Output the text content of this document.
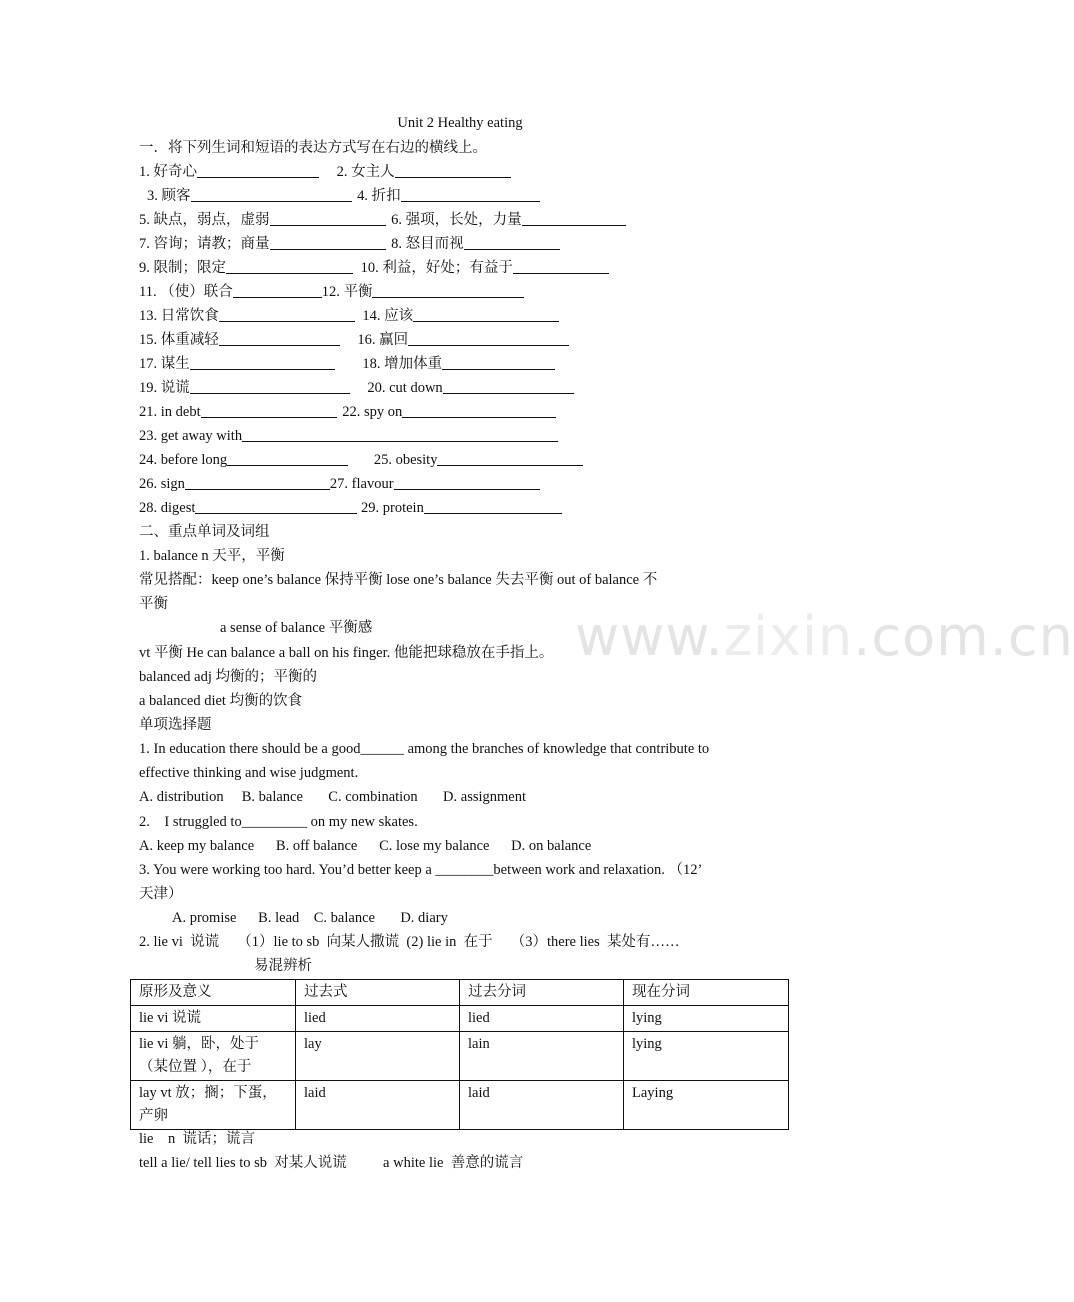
Unit 2 Healthy eating
一．将下列生词和短语的表达方式写在右边的横线上。
1. 好奇心	2. 女主人
3. 顾客	4. 折扣
5. 缺点，弱点，虚弱	6. 强项，长处，力量
7. 咨询；请教；商量	8. 怒目而视
9. 限制；限定	10. 利益，好处；有益于
11. （使）联合	12. 平衡
13. 日常饮食	14. 应该
15. 体重减轻	16. 赢回
17. 谋生	18. 增加体重
19. 说谎	20. cut down
21. in debt	22. spy on
23. get away with
24. before long	25. obesity
26. sign	27. flavour
28. digest	29. protein
二、重点单词及词组
1. balance n 天平，平衡
常见搭配：keep one’s balance 保持平衡 lose one’s balance 失去平衡 out of balance 不
平衡
a sense of balance 平衡感
vt 平衡 He can balance a ball on his finger. 他能把球稳放在手指上。
balanced adj 均衡的；平衡的
a balanced diet 均衡的饮食
单项选择题
1. In education there should be a good______ among the branches of knowledge that contribute to
effective thinking and wise judgment.
A. distribution     B. balance       C. combination       D. assignment
2.    I struggled to_________ on my new skates.
A. keep my balance      B. off balance      C. lose my balance      D. on balance
3. You were working too hard. You’d better keep a ________between work and relaxation. （12’
天津）
A. promise      B. lead    C. balance       D. diary
2. lie vi  说谎     （1）lie to sb  向某人撒谎  (2) lie in  在于     （3）there lies  某处有……
易混辨析
原形及意义	过去式	过去分词	现在分词
lie vi 说谎	lied	lied	lying
lie vi 躺，卧，处于（某位置 ），在于	lay	lain	lying
lay vt 放；搁；下蛋，产卵	laid	laid	Laying
lie    n  谎话；谎言
tell a lie/ tell lies to sb  对某人说谎          a white lie  善意的谎言
www.zixin.com.cn
